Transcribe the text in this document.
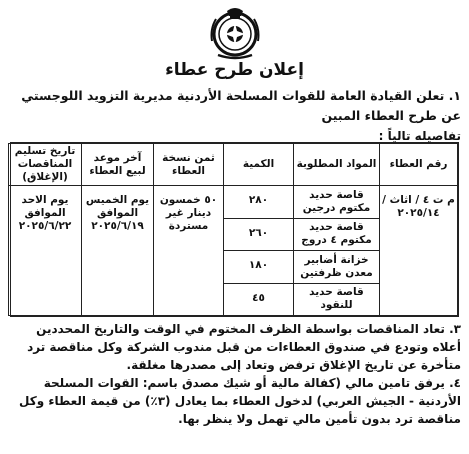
إعلان طرح عطاء

١. تعلن القيادة العامة للقوات المسلحة الأردنية مديرية التزويد اللوجستي عن طرح العطاء المبين

تفاصيله تالياً :

رقم العطاء	المواد المطلوبة	الكمية	ثمن نسخة العطاء	آخر موعد لبيع العطاء	تاريخ تسليم المناقصات (الإغلاق)
م ت ٤ / اثاث / ٢٠٢٥/١٤	قاصة حديد مكتوم درجين	٢٨٠	٥٠ خمسون دينار غير مستردة	يوم الخميس الموافق ٢٠٢٥/٦/١٩	يوم الاحد الموافق ٢٠٢٥/٦/٢٢
	قاصة حديد مكتوم ٤ دروج	٢٦٠			
	خزانة أضابير معدن ظرفتين	١٨٠			
	قاصة حديد للنقود	٤٥			

٣. تعاد المناقصات بواسطة الظرف المختوم في الوقت والتاريخ المحددين أعلاه وتودع في صندوق العطاءات من قبل مندوب الشركة وكل مناقصة ترد متأخرة عن تاريخ الإغلاق ترفض وتعاد إلى مصدرها مغلقة.

٤. يرفق تامين مالي (كفالة مالية أو شيك مصدق باسم: القوات المسلحة الأردنية - الجيش العربي) لدخول العطاء بما يعادل (٣٪) من قيمة العطاء وكل مناقصة ترد بدون تأمين مالي تهمل ولا ينظر بها.
